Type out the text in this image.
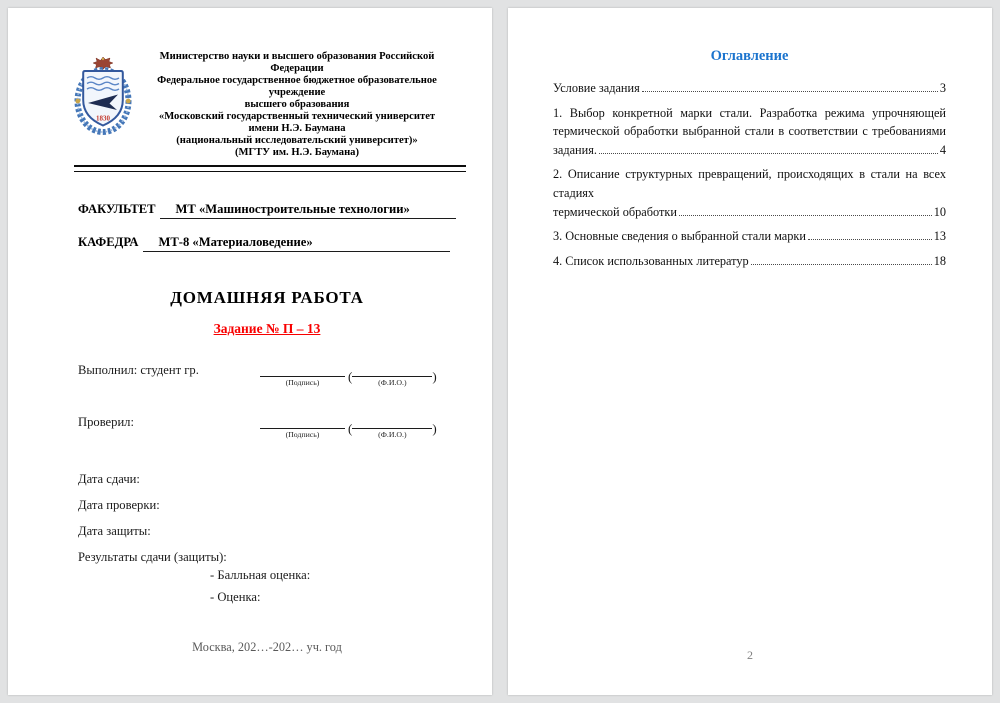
1830
Министерство науки и высшего образования Российской Федерации
Федеральное государственное бюджетное образовательное учреждение
высшего образования
«Московский государственный технический университет
имени Н.Э. Баумана
(национальный исследовательский университет)»
(МГТУ им. Н.Э. Баумана)
ФАКУЛЬТЕТ	МТ «Машиностроительные технологии»
КАФЕДРА	МТ-8 «Материаловедение»
ДОМАШНЯЯ РАБОТА
Задание № П – 13
Выполнил: студент гр.
(Подпись)	(	(Ф.И.О.)	)
Проверил:
(Подпись)	(	(Ф.И.О.)	)
Дата сдачи:
Дата проверки:
Дата защиты:
Результаты сдачи (защиты):
- Балльная оценка:
- Оценка:
Москва, 202…-202… уч. год
Оглавление
Условие задания	3
1. Выбор конкретной марки стали. Разработка режима упрочняющей
термической обработки выбранной стали в соответствии с требованиями
задания.	4
2. Описание структурных превращений, происходящих в стали на всех стадиях
термической обработки	10
3. Основные сведения о выбранной стали марки	13
4. Список использованных литератур	18
2
